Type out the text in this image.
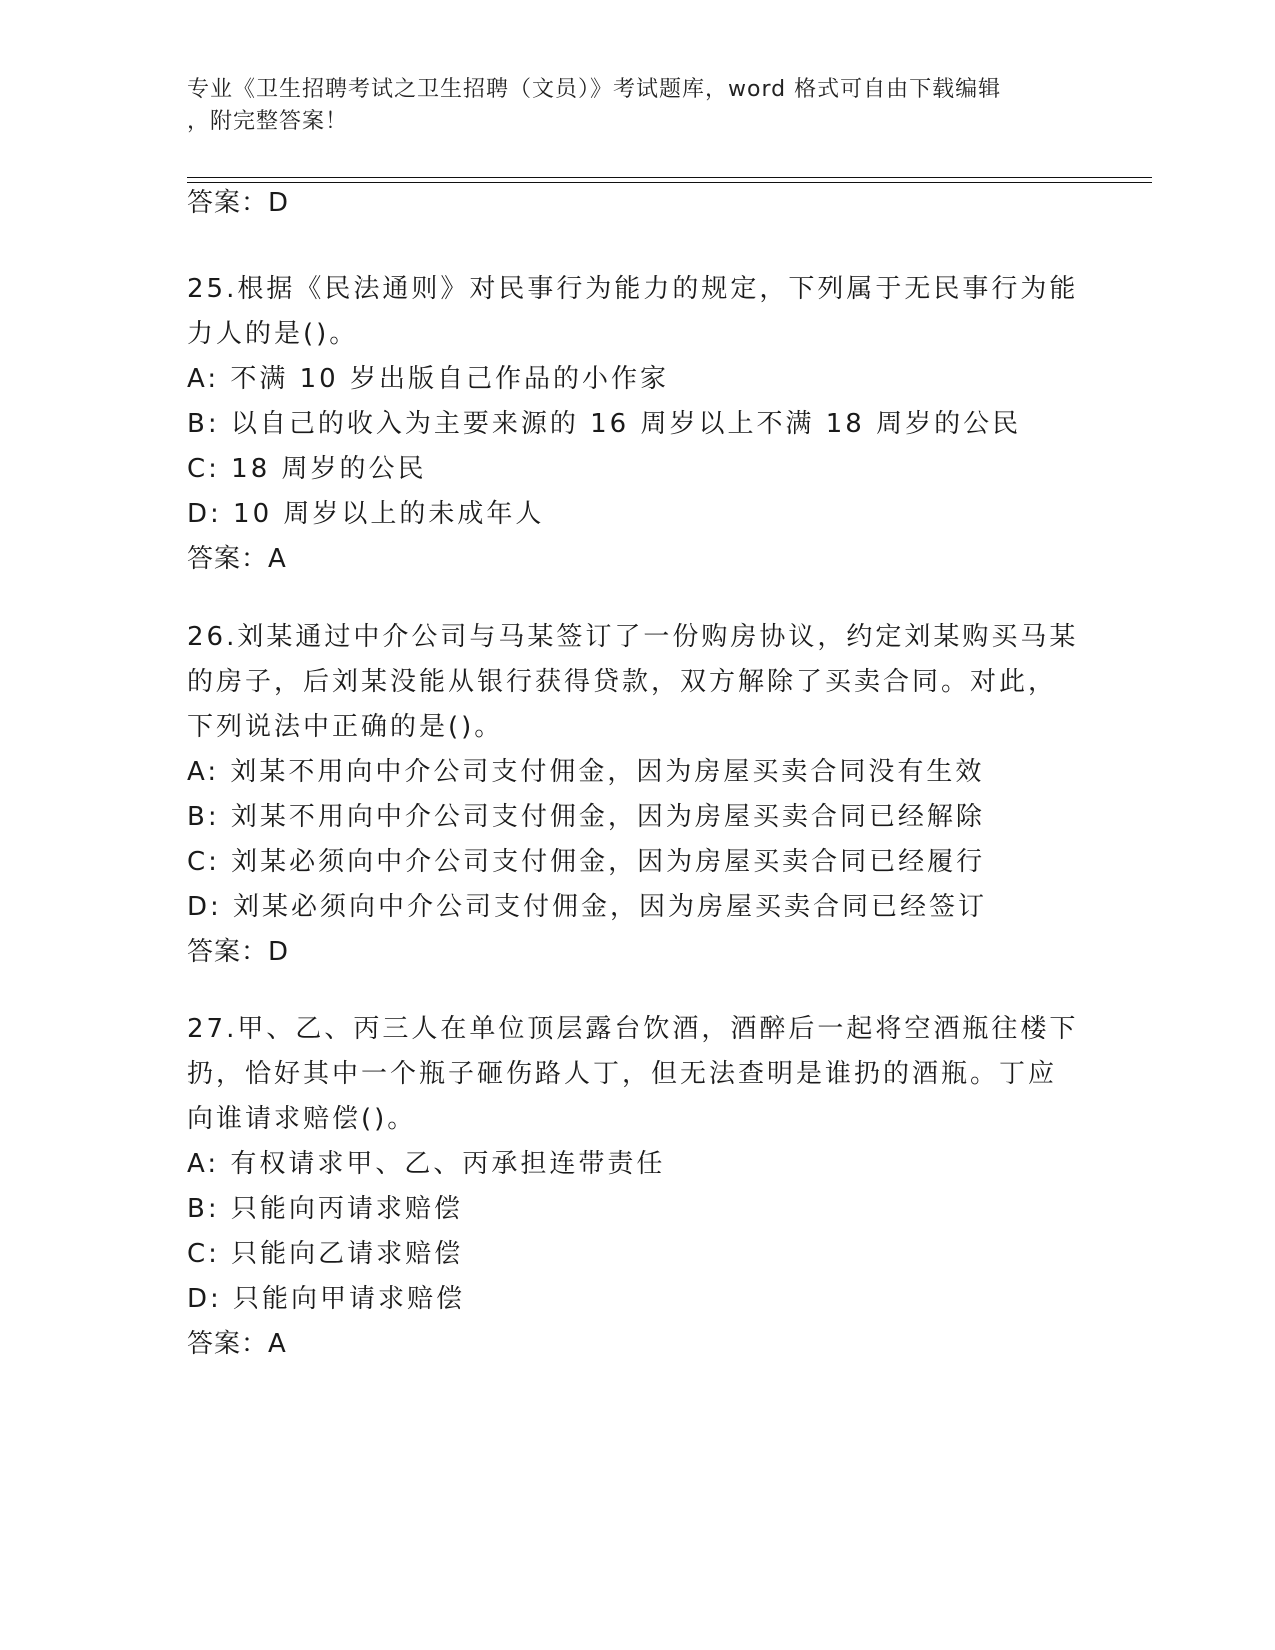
专业《卫生招聘考试之卫生招聘（文员）》考试题库，word 格式可自由下载编辑
，附完整答案！
答案：D
25.根据《民法通则》对民事行为能力的规定，下列属于无民事行为能
力人的是()。
A: 不满 10 岁出版自己作品的小作家
B: 以自己的收入为主要来源的 16 周岁以上不满 18 周岁的公民
C: 18 周岁的公民
D: 10 周岁以上的未成年人
答案：A
26.刘某通过中介公司与马某签订了一份购房协议，约定刘某购买马某
的房子，后刘某没能从银行获得贷款，双方解除了买卖合同。对此，
下列说法中正确的是()。
A: 刘某不用向中介公司支付佣金，因为房屋买卖合同没有生效
B: 刘某不用向中介公司支付佣金，因为房屋买卖合同已经解除
C: 刘某必须向中介公司支付佣金，因为房屋买卖合同已经履行
D: 刘某必须向中介公司支付佣金，因为房屋买卖合同已经签订
答案：D
27.甲、乙、丙三人在单位顶层露台饮酒，酒醉后一起将空酒瓶往楼下
扔，恰好其中一个瓶子砸伤路人丁，但无法查明是谁扔的酒瓶。丁应
向谁请求赔偿()。
A: 有权请求甲、乙、丙承担连带责任
B: 只能向丙请求赔偿
C: 只能向乙请求赔偿
D: 只能向甲请求赔偿
答案：A
